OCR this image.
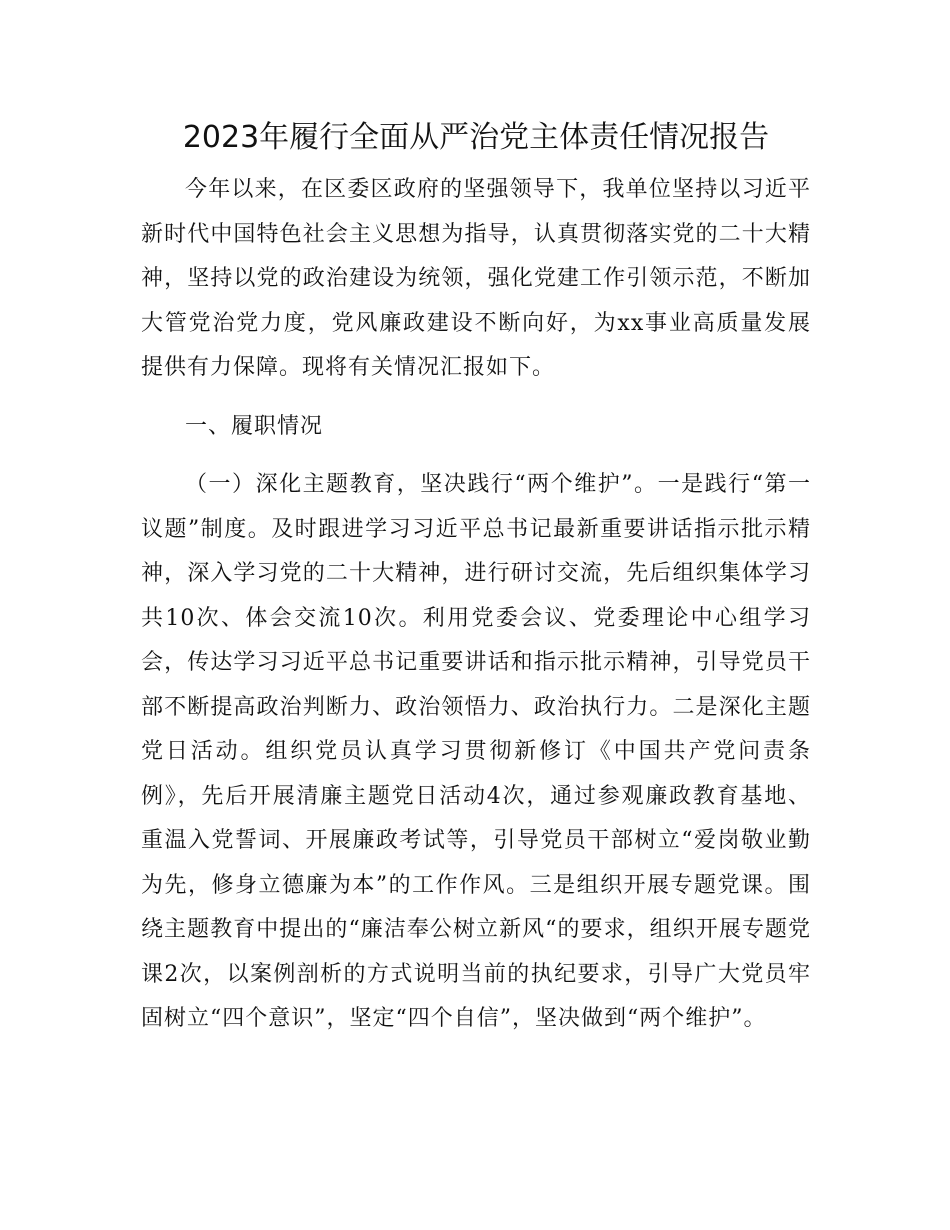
2023年履行全面从严治党主体责任情况报告

今年以来，在区委区政府的坚强领导下，我单位坚持以习近平新时代中国特色社会主义思想为指导，认真贯彻落实党的二十大精神，坚持以党的政治建设为统领，强化党建工作引领示范，不断加大管党治党力度，党风廉政建设不断向好，为xx事业高质量发展提供有力保障。现将有关情况汇报如下。

一、履职情况

（一）深化主题教育，坚决践行“两个维护”。一是践行“第一议题”制度。及时跟进学习习近平总书记最新重要讲话指示批示精神，深入学习党的二十大精神，进行研讨交流，先后组织集体学习共10次、体会交流10次。利用党委会议、党委理论中心组学习会，传达学习习近平总书记重要讲话和指示批示精神，引导党员干部不断提高政治判断力、政治领悟力、政治执行力。二是深化主题党日活动。组织党员认真学习贯彻新修订《中国共产党问责条例》，先后开展清廉主题党日活动4次，通过参观廉政教育基地、重温入党誓词、开展廉政考试等，引导党员干部树立“爱岗敬业勤为先，修身立德廉为本”的工作作风。三是组织开展专题党课。围绕主题教育中提出的“廉洁奉公树立新风“的要求，组织开展专题党课2次，以案例剖析的方式说明当前的执纪要求，引导广大党员牢固树立“四个意识”，坚定“四个自信”，坚决做到“两个维护”。
